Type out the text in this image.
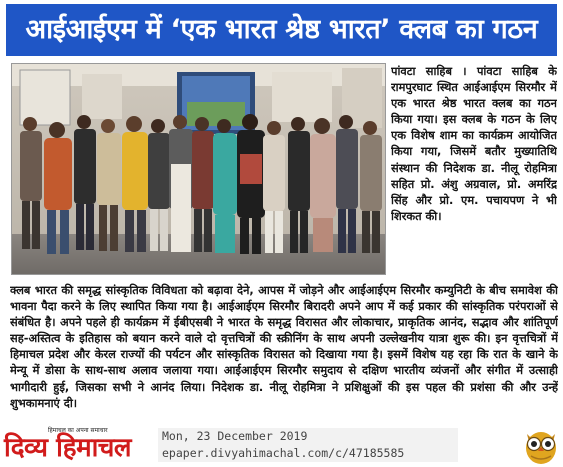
आईआईएम में ‘एक भारत श्रेष्ठ भारत’ क्लब का गठन
पांवटा साहिब । पांवटा साहिब के रामपुरघाट स्थित आईआईएम सिरमौर में एक भारत श्रेष्ठ भारत क्लब का गठन किया गया। इस क्लब के गठन के लिए एक विशेष शाम का कार्यक्रम आयोजित किया गया, जिसमें बतौर मुख्यातिथि संस्थान की निदेशक डा. नीलू रोहमित्रा सहित प्रो. अंशु अग्रवाल, प्रो. अमरिंद्र सिंह और प्रो. एम. पचायपण ने भी शिरकत की।
क्लब भारत की समृद्ध सांस्कृतिक विविधता को बढ़ावा देने, आपस में जोड़ने और आईआईएम सिरमौर कम्युनिटी के बीच समावेश की भावना पैदा करने के लिए स्थापित किया गया है। आईआईएम सिरमौर बिरादरी अपने आप में कई प्रकार की सांस्कृतिक परंपराओं से संबंधित है। अपने पहले ही कार्यक्रम में ईबीएसबी ने भारत के समृद्ध विरासत और लोकाचार, प्राकृतिक आनंद, सद्भाव और शांतिपूर्ण सह-अस्तित्व के इतिहास को बयान करने वाले दो वृत्तचित्रों की स्क्रीनिंग के साथ अपनी उल्लेखनीय यात्रा शुरू की। इन वृत्तचित्रों में हिमाचल प्रदेश और केरल राज्यों की पर्यटन और सांस्कृतिक विरासत को दिखाया गया है। इसमें विशेष यह रहा कि रात के खाने के मेन्यू में डोसा के साथ-साथ अलाव जलाया गया। आईआईएम सिरमौर समुदाय से दक्षिण भारतीय व्यंजनों और संगीत में उत्साही भागीदारी हुई, जिसका सभी ने आनंद लिया। निदेशक डा. नीलू रोहमित्रा ने प्रशिक्षुओं की इस पहल की प्रशंसा की और उन्हें शुभकामनाएं दी।
हिमाचल का अपना समाचार
दिव्य हिमाचल	Mon, 23 December 2019
epaper.divyahimachal.com/c/47185585
